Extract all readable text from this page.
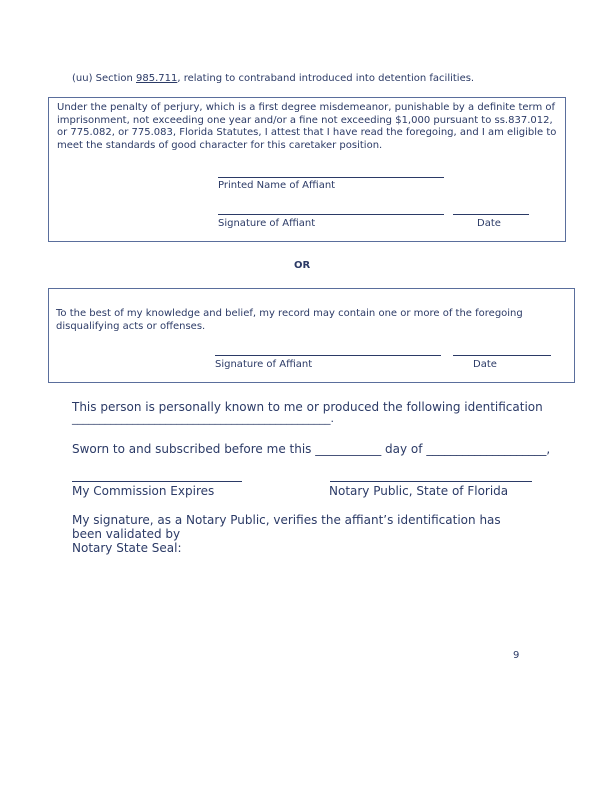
(uu) Section 985.711, relating to contraband introduced into detention facilities.
Under the penalty of perjury, which is a first degree misdemeanor, punishable by a definite term of imprisonment, not exceeding one year and/or a fine not exceeding $1,000 pursuant to ss.837.012, or 775.082, or 775.083, Florida Statutes, I attest that I have read the foregoing, and I am eligible to meet the standards of good character for this caretaker position.
Printed Name of Affiant
Signature of Affiant	Date
OR
To the best of my knowledge and belief, my record may contain one or more of the foregoing disqualifying acts or offenses.
Signature of Affiant	Date
This person is personally known to me or produced the following identification
_______________________________________________.
Sworn to and subscribed before me this ___________ day of ____________________,
My Commission Expires	Notary Public, State of Florida
My signature, as a Notary Public, verifies the affiant’s identification has been validated by
Notary State Seal:
9
